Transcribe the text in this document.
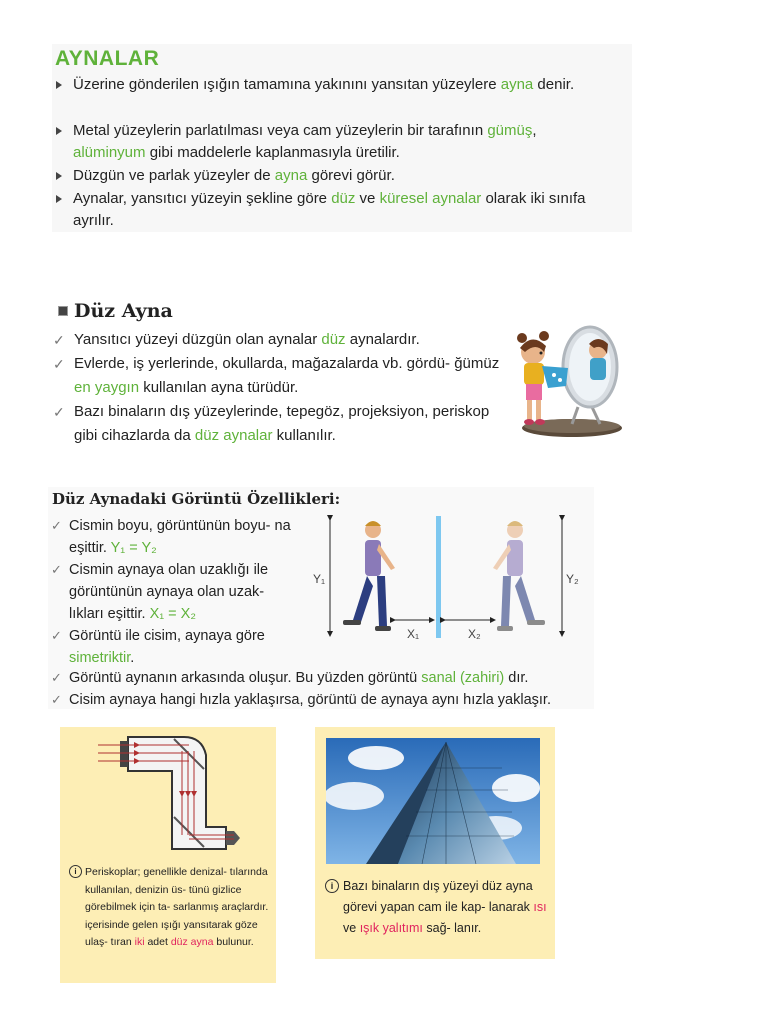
AYNALAR
Üzerine gönderilen ışığın tamamına yakınını yansıtan yüzeylere ayna denir.
Metal yüzeylerin parlatılması veya cam yüzeylerin bir tarafının gümüş, alüminyum gibi maddelerle kaplanmasıyla üretilir.
Düzgün ve parlak yüzeyler de ayna görevi görür.
Aynalar, yansıtıcı yüzeyin şekline göre düz ve küresel aynalar olarak iki sınıfa ayrılır.
Düz Ayna
✓ Yansıtıcı yüzeyi düzgün olan aynalar düz aynalardır.
✓ Evlerde, iş yerlerinde, okullarda, mağazalarda vb. gördü- ğümüz en yaygın kullanılan ayna türüdür.
✓ Bazı binaların dış yüzeylerinde, tepegöz, projeksiyon, periskop gibi cihazlarda da düz aynalar kullanılır.
Düz Aynadaki Görüntü Özellikleri:
✓ Cismin boyu, görüntünün boyu- na eşittir. Y₁ = Y₂
✓ Cismin aynaya olan uzaklığı ile görüntünün aynaya olan uzak- lıkları eşittir. X₁ = X₂
✓ Görüntü ile cisim, aynaya göre simetriktir.
✓ Görüntü aynanın arkasında oluşur. Bu yüzden görüntü sanal (zahiri) dır.
✓ Cisim aynaya hangi hızla yaklaşırsa, görüntü de aynaya aynı hızla yaklaşır.
Y₁	Y₂
X₁	X₂
i Periskoplar; genellikle denizal- tılarında kullanılan, denizin üs- tünü gizlice görebilmek için ta- sarlanmış araçlardır. içerisinde gelen ışığı yansıtarak göze ulaş- tıran iki adet düz ayna bulunur.
i Bazı binaların dış yüzeyi düz ayna görevi yapan cam ile kap- lanarak ısı ve ışık yalıtımı sağ- lanır.
